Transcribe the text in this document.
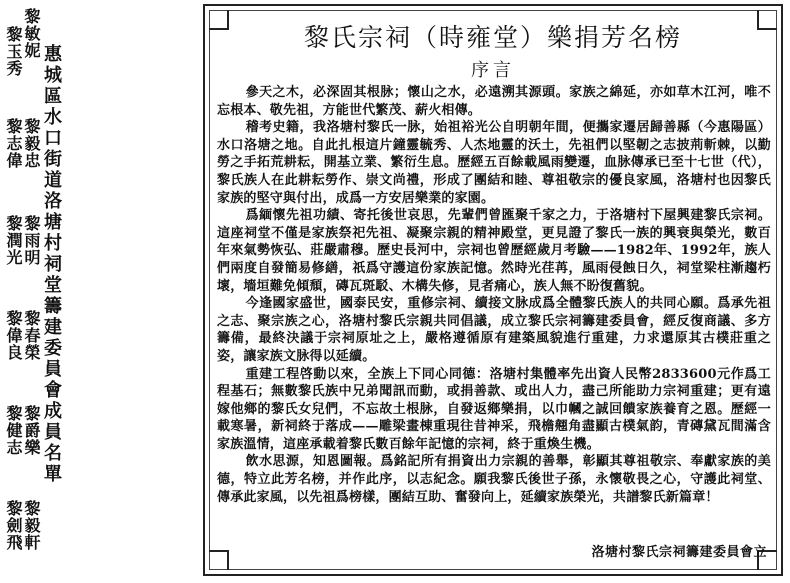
黎敏妮
黎玉秀 惠城區水口街道洛塘村祠堂籌建委員會成員名單
黎毅忠
黎志偉
黎雨明
黎潤光
黎春榮
黎偉良
黎爵樂
黎健志
黎毅軒
黎劍飛
黎氏宗祠（時雍堂）樂捐芳名榜
序言

參天之木，必深固其根脉；懷山之水，必遠溯其源頭。家族之綿延，亦如草木江河，唯不忘根本、敬先祖，方能世代繁茂、薪火相傳。

稽考史籍，我洛塘村黎氏一脉，始祖裕光公自明朝年間，便攜家遷居歸善縣（今惠陽區）水口洛塘之地。自此扎根這片鐘靈毓秀、人杰地靈的沃土，先祖們以堅韌之志披荊斬棘，以勤勞之手拓荒耕耘，開基立業、繁衍生息。歷經五百餘載風雨變遷，血脉傳承已至十七世（代），黎氏族人在此耕耘勞作、崇文尚禮，形成了團結和睦、尊祖敬宗的優良家風，洛塘村也因黎氏家族的堅守與付出，成爲一方安居樂業的家園。

爲緬懷先祖功績、寄托後世哀思，先輩們曾匯聚千家之力，于洛塘村下屋興建黎氏宗祠。這座祠堂不僅是家族祭祀先祖、凝聚宗親的精神殿堂，更見證了黎氏一族的興衰與榮光，數百年來氣勢恢弘、莊嚴肅穆。歷史長河中，宗祠也曾歷經歲月考驗——1982年、1992年，族人們兩度自發簡易修繕，祇爲守護這份家族記憶。然時光荏苒，風雨侵蝕日久，祠堂梁柱漸趨朽壞，墻垣難免傾頹，磚瓦斑駁、木構失修，見者痛心，族人無不盼復舊貌。

今逢國家盛世，國泰民安，重修宗祠、續接文脉成爲全體黎氏族人的共同心願。爲承先祖之志、聚宗族之心，洛塘村黎氏宗親共同倡議，成立黎氏宗祠籌建委員會，經反復商議、多方籌備，最終決議于宗祠原址之上，嚴格遵循原有建築風貌進行重建，力求還原其古樸莊重之姿，讓家族文脉得以延續。

重建工程啓動以來，全族上下同心同德：洛塘村集體率先出資人民幣2833600元作爲工程基石；無數黎氏族中兄弟聞訊而動，或捐善款、或出人力，盡己所能助力宗祠重建；更有遠嫁他鄉的黎氏女兒們，不忘故土根脉，自發返鄉樂捐，以巾幗之誠回饋家族養育之恩。歷經一載寒暑，新祠終于落成——雕梁畫棟重現往昔神采，飛檐翹角盡顯古樸氣韵，青磚黛瓦間滿含家族溫情，這座承載着黎氏數百餘年記憶的宗祠，終于重煥生機。

飲水思源，知恩圖報。爲銘記所有捐資出力宗親的善舉，彰顯其尊祖敬宗、奉獻家族的美德，特立此芳名榜，并作此序，以志紀念。願我黎氏後世子孫，永懷敬畏之心，守護此祠堂、傳承此家風，以先祖爲榜樣，團結互助、奮發向上，延續家族榮光，共譜黎氏新篇章！

洛塘村黎氏宗祠籌建委員會立
